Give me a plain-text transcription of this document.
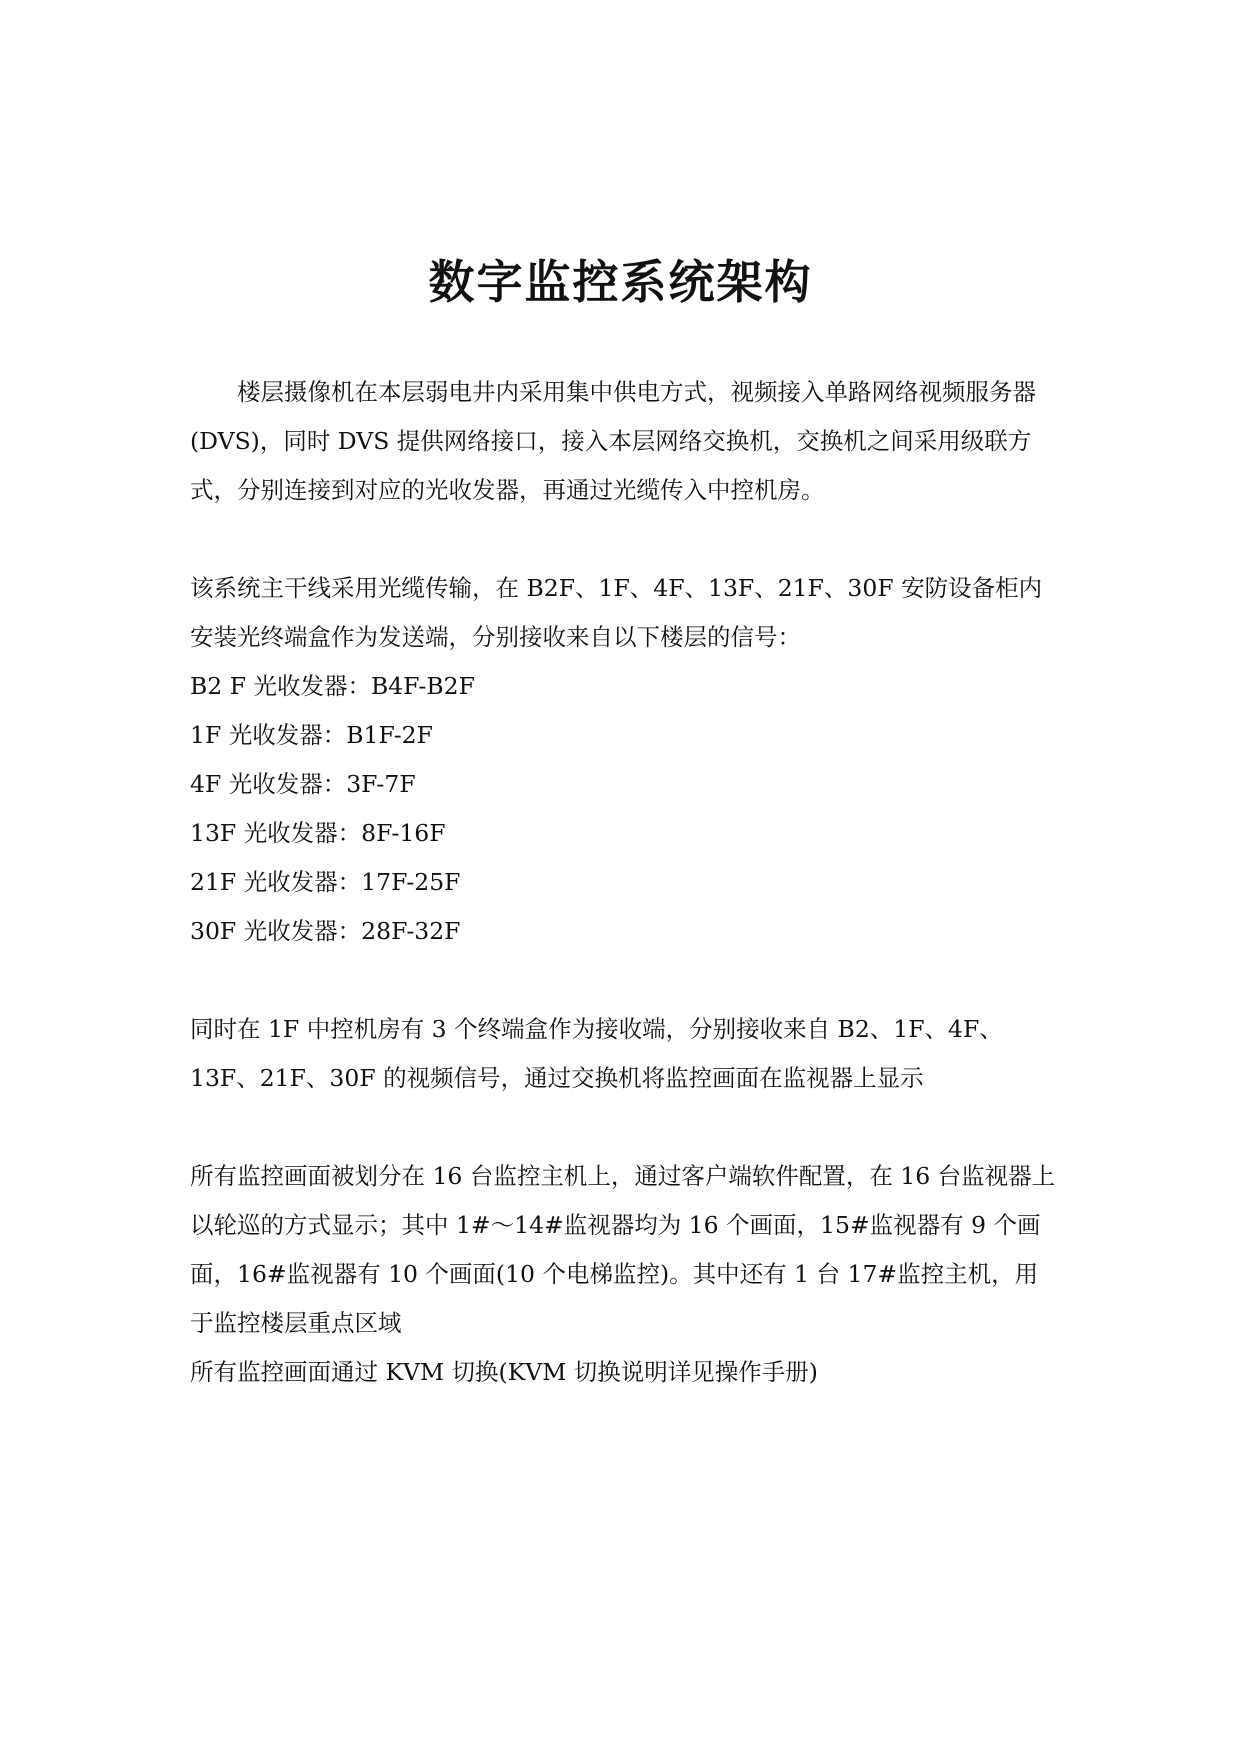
数字监控系统架构

楼层摄像机在本层弱电井内采用集中供电方式，视频接入单路网络视频服务器(DVS)，同时 DVS 提供网络接口，接入本层网络交换机，交换机之间采用级联方式，分别连接到对应的光收发器，再通过光缆传入中控机房。

该系统主干线采用光缆传输，在 B2F、1F、4F、13F、21F、30F 安防设备柜内安装光终端盒作为发送端，分别接收来自以下楼层的信号：

B2 F 光收发器：B4F-B2F

1F 光收发器：B1F-2F

4F 光收发器：3F-7F

13F 光收发器：8F-16F

21F 光收发器：17F-25F

30F 光收发器：28F-32F

同时在 1F 中控机房有 3 个终端盒作为接收端，分别接收来自 B2、1F、4F、13F、21F、30F 的视频信号，通过交换机将监控画面在监视器上显示

所有监控画面被划分在 16 台监控主机上，通过客户端软件配置，在 16 台监视器上以轮巡的方式显示；其中 1#～14#监视器均为 16 个画面，15#监视器有 9 个画面，16#监视器有 10 个画面(10 个电梯监控)。其中还有 1 台 17#监控主机，用于监控楼层重点区域

所有监控画面通过 KVM 切换(KVM 切换说明详见操作手册)
